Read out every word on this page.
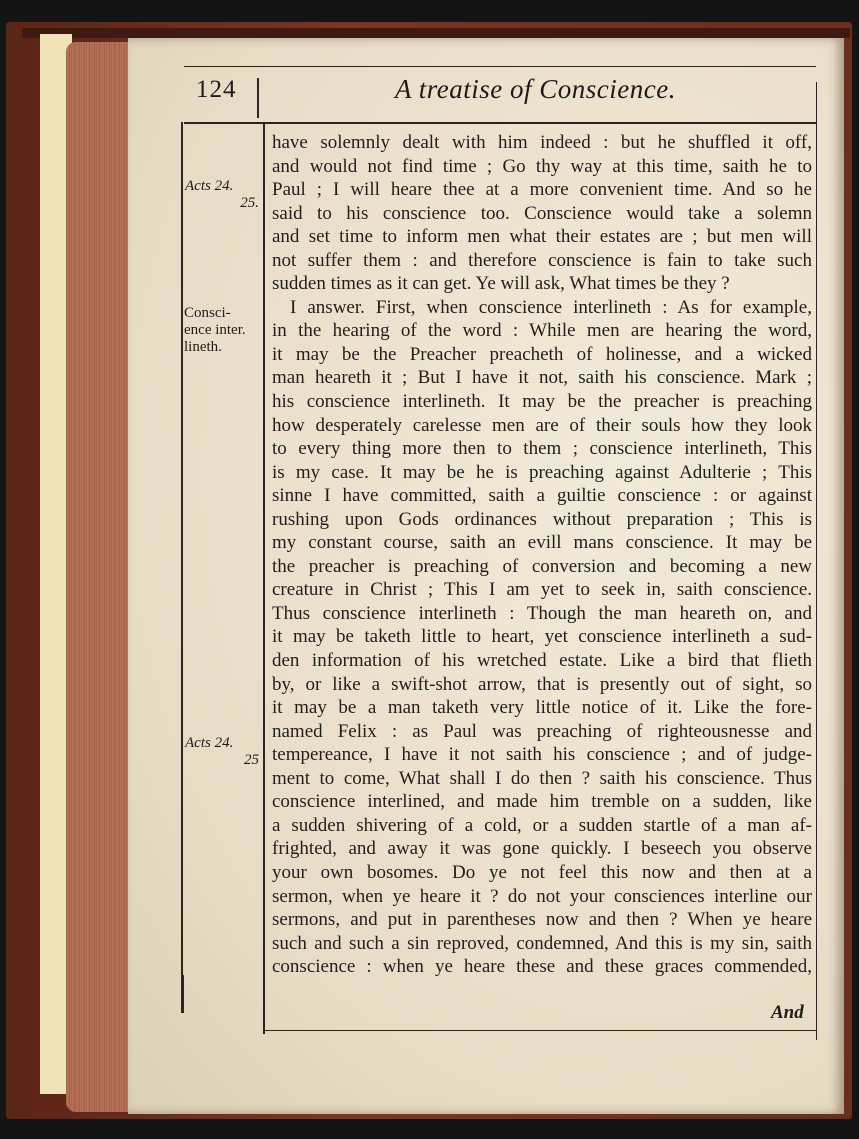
124	A treatise of Conscience.
Acts 24.
25.
Consci-
ence inter.
lineth.
Acts 24.
25
have solemnly dealt with him indeed : but he shuffled it off,
and would not find time ; Go thy way at this time, saith he to
Paul ; I will heare thee at a more convenient time. And so he
said to his conscience too. Conscience would take a solemn
and set time to inform men what their estates are ; but men will
not suffer them : and therefore conscience is fain to take such
sudden times as it can get. Ye will ask, What times be they ?
I answer. First, when conscience interlineth : As for example,
in the hearing of the word : While men are hearing the word,
it may be the Preacher preacheth of holinesse, and a wicked
man heareth it ; But I have it not, saith his conscience. Mark ;
his conscience interlineth. It may be the preacher is preaching
how desperately carelesse men are of their souls how they look
to every thing more then to them ; conscience interlineth, This
is my case. It may be he is preaching against Adulterie ; This
sinne I have committed, saith a guiltie conscience : or against
rushing upon Gods ordinances without preparation ; This is
my constant course, saith an evill mans conscience. It may be
the preacher is preaching of conversion and becoming a new
creature in Christ ; This I am yet to seek in, saith conscience.
Thus conscience interlineth : Though the man heareth on, and
it may be taketh little to heart, yet conscience interlineth a sud-
den information of his wretched estate. Like a bird that flieth
by, or like a swift-shot arrow, that is presently out of sight, so
it may be a man taketh very little notice of it. Like the fore-
named Felix : as Paul was preaching of righteousnesse and
tempereance, I have it not saith his conscience ; and of judge-
ment to come, What shall I do then ? saith his conscience. Thus
conscience interlined, and made him tremble on a sudden, like
a sudden shivering of a cold, or a sudden startle of a man af-
frighted, and away it was gone quickly. I beseech you observe
your own bosomes. Do ye not feel this now and then at a
sermon, when ye heare it ? do not your consciences interline our
sermons, and put in parentheses now and then ? When ye heare
such and such a sin reproved, condemned, And this is my sin, saith
conscience : when ye heare these and these graces commended,
And
